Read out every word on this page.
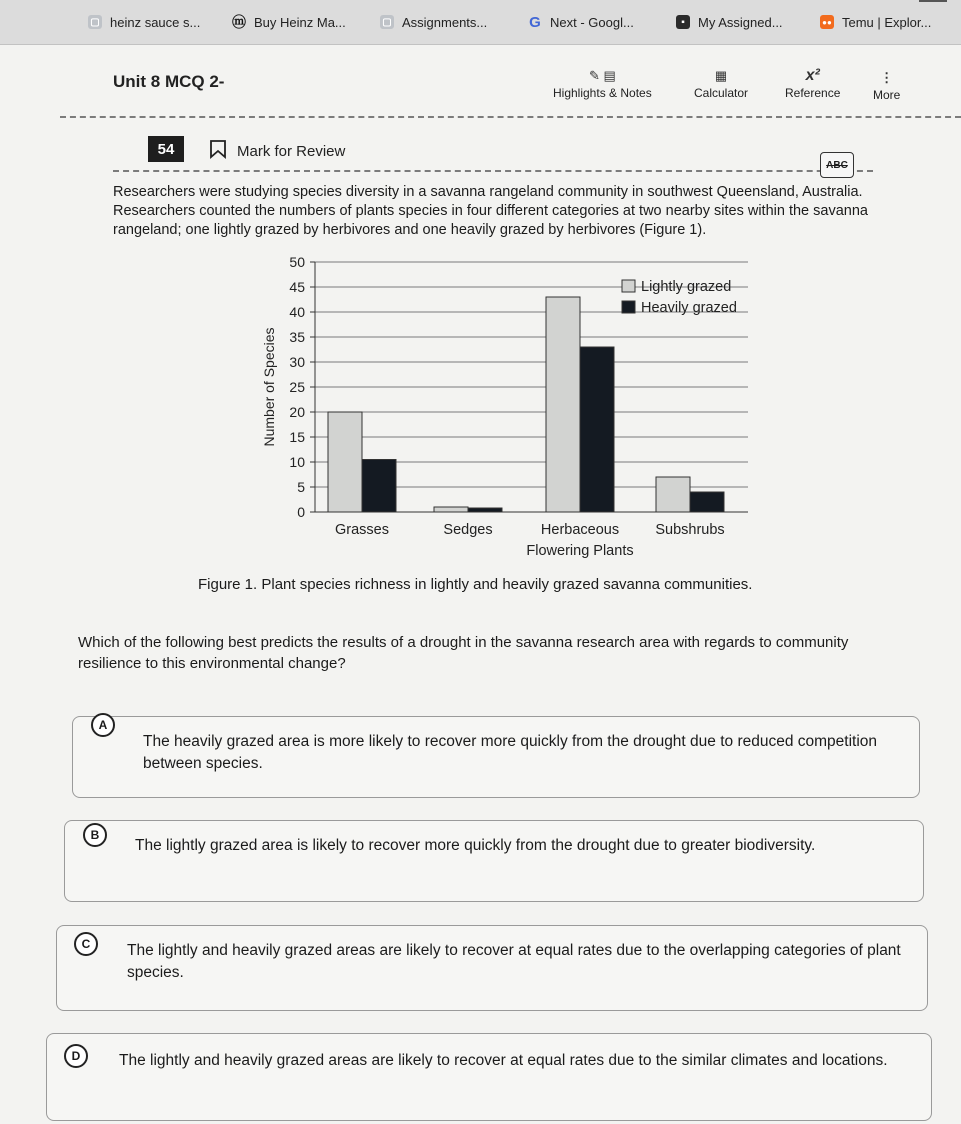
▢ heinz sauce s... ⓜ Buy Heinz Ma...	▢ Assignments...	G Next - Googl...	▪	My Assigned...	●● Temu | Explor...
Unit 8 MCQ 2-	✎ ▤
Highlights & Notes
▦
Calculator
x²
Reference
⋮
More
54	Mark for Review
ABC
Researchers were studying species diversity in a savanna rangeland community in southwest Queensland, Australia. Researchers counted the numbers of plants species in four different categories at two nearby sites within the savanna rangeland; one lightly grazed by herbivores and one heavily grazed by herbivores (Figure 1).
0
5
10
15
20
25
30
35
40
45
50
Number of Species
Grasses	Sedges	Herbaceous
Flowering Plants
Subshrubs
Lightly grazed
Heavily grazed
Figure 1. Plant species richness in lightly and heavily grazed savanna communities.
Which of the following best predicts the results of a drought in the savanna research area with regards to community resilience to this environmental change?
A
The heavily grazed area is more likely to recover more quickly from the drought due to reduced competition between species.
B
The lightly grazed area is likely to recover more quickly from the drought due to greater biodiversity.
C	The lightly and heavily grazed areas are likely to recover at equal rates due to the overlapping categories of plant species.
D	The lightly and heavily grazed areas are likely to recover at equal rates due to the similar climates and locations.
